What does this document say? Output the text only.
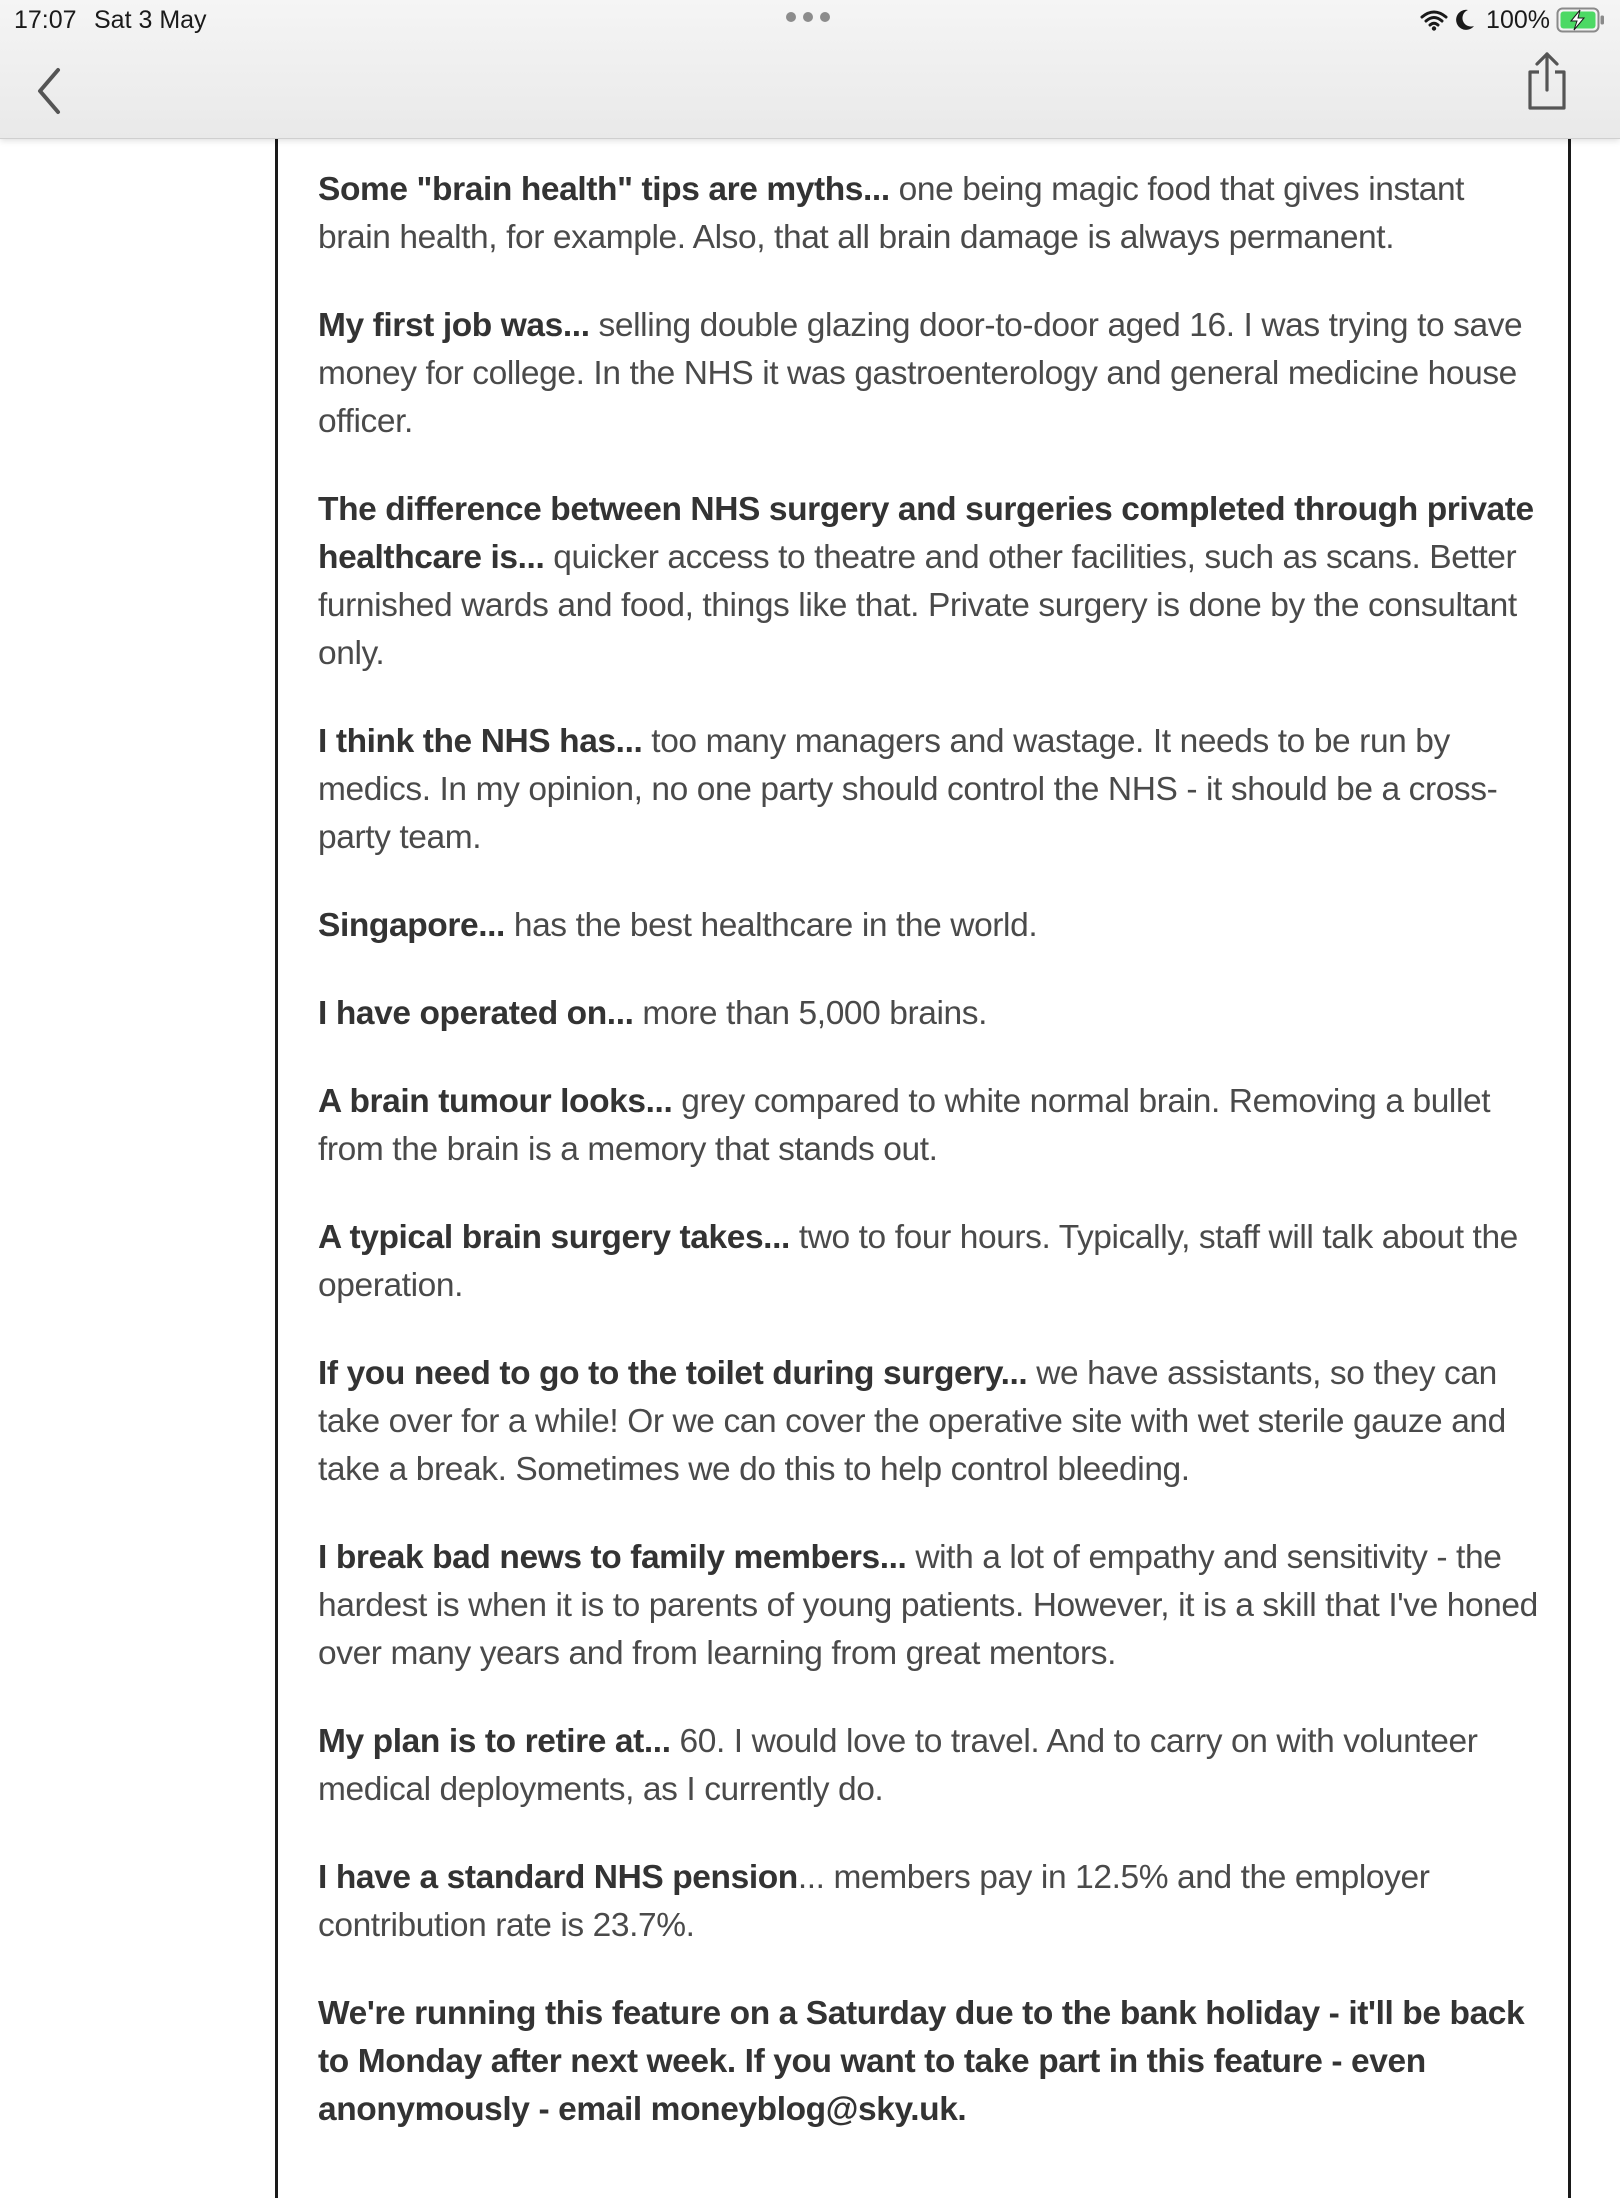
17:07 Sat 3 May	100%

Some "brain health" tips are myths... one being magic food that gives instant brain health, for example. Also, that all brain damage is always permanent.

My first job was... selling double glazing door-to-door aged 16. I was trying to save money for college. In the NHS it was gastroenterology and general medicine house officer.

The difference between NHS surgery and surgeries completed through private healthcare is... quicker access to theatre and other facilities, such as scans. Better furnished wards and food, things like that. Private surgery is done by the consultant only.

I think the NHS has... too many managers and wastage. It needs to be run by medics. In my opinion, no one party should control the NHS - it should be a cross-party team.

Singapore... has the best healthcare in the world.

I have operated on... more than 5,000 brains.

A brain tumour looks... grey compared to white normal brain. Removing a bullet from the brain is a memory that stands out.

A typical brain surgery takes... two to four hours. Typically, staff will talk about the operation.

If you need to go to the toilet during surgery... we have assistants, so they can take over for a while! Or we can cover the operative site with wet sterile gauze and take a break. Sometimes we do this to help control bleeding.

I break bad news to family members... with a lot of empathy and sensitivity - the hardest is when it is to parents of young patients. However, it is a skill that I've honed over many years and from learning from great mentors.

My plan is to retire at... 60. I would love to travel. And to carry on with volunteer medical deployments, as I currently do.

I have a standard NHS pension... members pay in 12.5% and the employer contribution rate is 23.7%.

We're running this feature on a Saturday due to the bank holiday - it'll be back to Monday after next week. If you want to take part in this feature - even anonymously - email moneyblog@sky.uk.
